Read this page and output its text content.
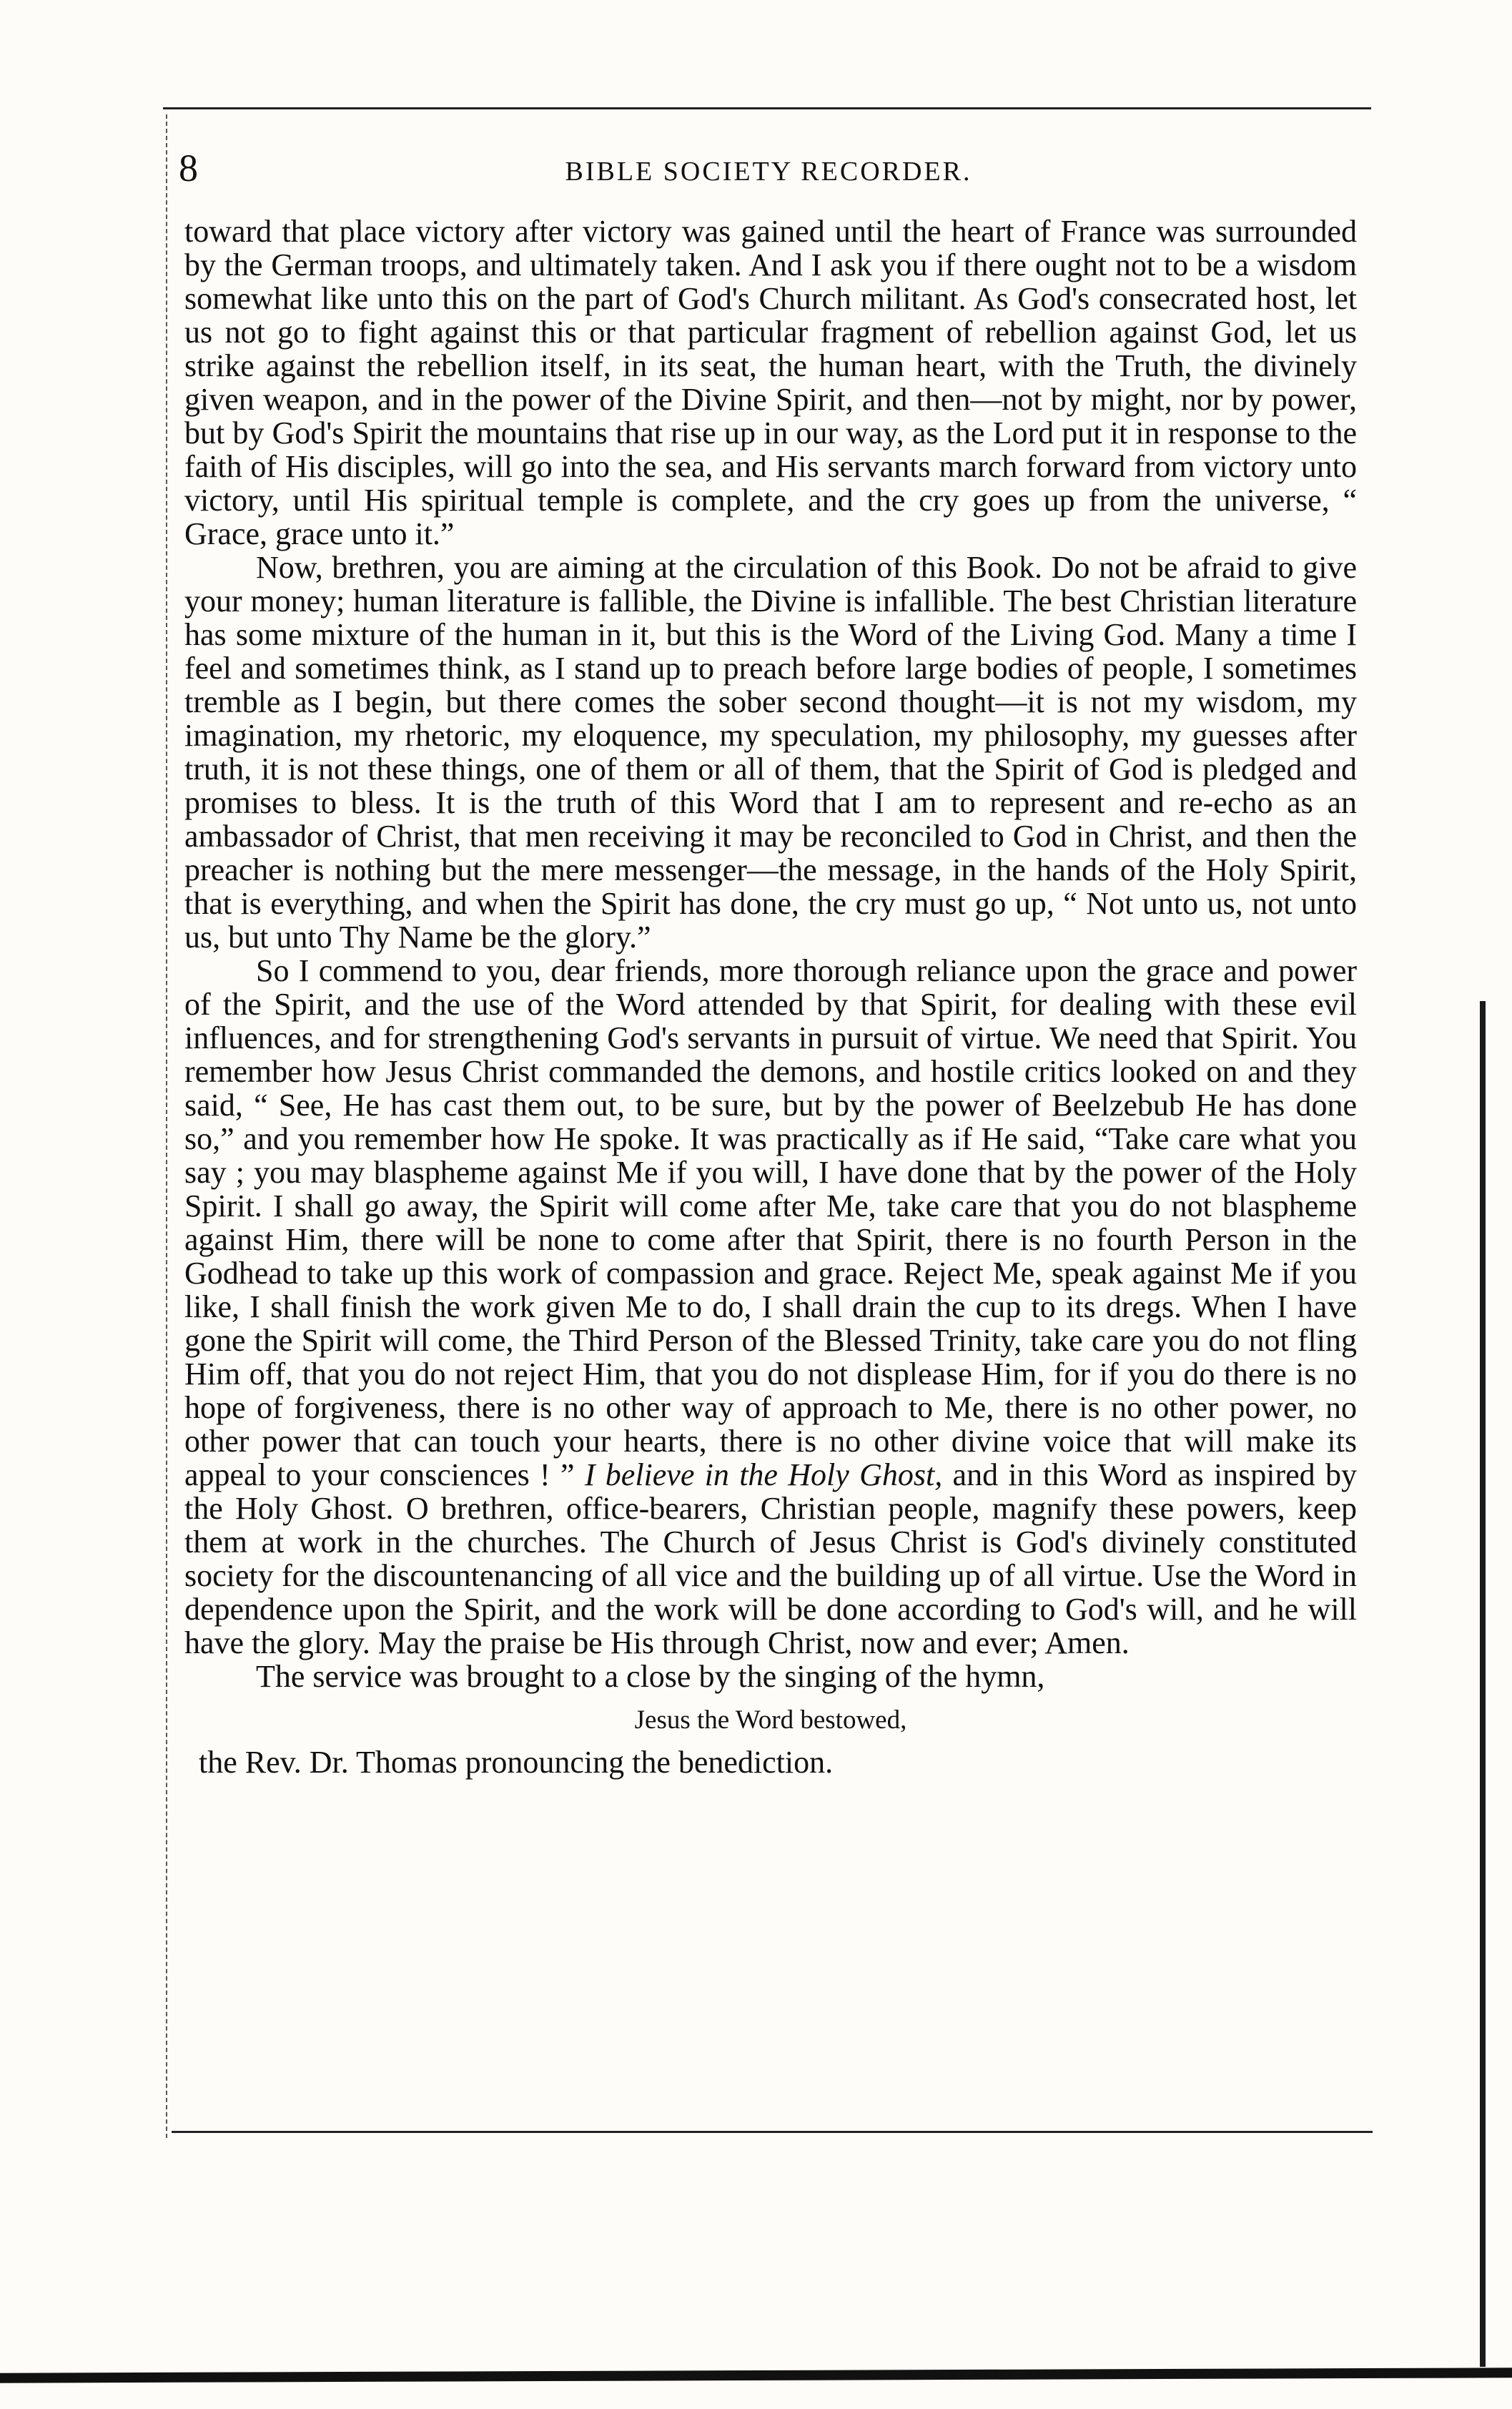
8	BIBLE SOCIETY RECORDER.

toward that place victory after victory was gained until the heart of France was surrounded by the German troops, and ultimately taken. And I ask you if there ought not to be a wisdom somewhat like unto this on the part of God's Church militant. As God's consecrated host, let us not go to fight against this or that particular fragment of rebellion against God, let us strike against the rebellion itself, in its seat, the human heart, with the Truth, the divinely given weapon, and in the power of the Divine Spirit, and then—not by might, nor by power, but by God's Spirit the mountains that rise up in our way, as the Lord put it in response to the faith of His disciples, will go into the sea, and His servants march forward from victory unto victory, until His spiritual temple is complete, and the cry goes up from the universe, “ Grace, grace unto it.”

Now, brethren, you are aiming at the circulation of this Book. Do not be afraid to give your money; human literature is fallible, the Divine is infallible. The best Christian literature has some mixture of the human in it, but this is the Word of the Living God. Many a time I feel and sometimes think, as I stand up to preach before large bodies of people, I sometimes tremble as I begin, but there comes the sober second thought—it is not my wisdom, my imagination, my rhetoric, my eloquence, my speculation, my philosophy, my guesses after truth, it is not these things, one of them or all of them, that the Spirit of God is pledged and promises to bless. It is the truth of this Word that I am to represent and re-echo as an ambassador of Christ, that men receiving it may be reconciled to God in Christ, and then the preacher is nothing but the mere messenger—the message, in the hands of the Holy Spirit, that is everything, and when the Spirit has done, the cry must go up, “ Not unto us, not unto us, but unto Thy Name be the glory.”

So I commend to you, dear friends, more thorough reliance upon the grace and power of the Spirit, and the use of the Word attended by that Spirit, for dealing with these evil influences, and for strengthening God's servants in pursuit of virtue. We need that Spirit. You remember how Jesus Christ commanded the demons, and hostile critics looked on and they said, “ See, He has cast them out, to be sure, but by the power of Beelzebub He has done so,” and you remember how He spoke. It was practically as if He said, “Take care what you say ; you may blaspheme against Me if you will, I have done that by the power of the Holy Spirit. I shall go away, the Spirit will come after Me, take care that you do not blaspheme against Him, there will be none to come after that Spirit, there is no fourth Person in the Godhead to take up this work of compassion and grace. Reject Me, speak against Me if you like, I shall finish the work given Me to do, I shall drain the cup to its dregs. When I have gone the Spirit will come, the Third Person of the Blessed Trinity, take care you do not fling Him off, that you do not reject Him, that you do not displease Him, for if you do there is no hope of forgiveness, there is no other way of approach to Me, there is no other power, no other power that can touch your hearts, there is no other divine voice that will make its appeal to your consciences ! ” I believe in the Holy Ghost, and in this Word as inspired by the Holy Ghost. O brethren, office-bearers, Christian people, magnify these powers, keep them at work in the churches. The Church of Jesus Christ is God's divinely constituted society for the discountenancing of all vice and the building up of all virtue. Use the Word in dependence upon the Spirit, and the work will be done according to God's will, and he will have the glory. May the praise be His through Christ, now and ever; Amen.

The service was brought to a close by the singing of the hymn,

Jesus the Word bestowed,

the Rev. Dr. Thomas pronouncing the benediction.
